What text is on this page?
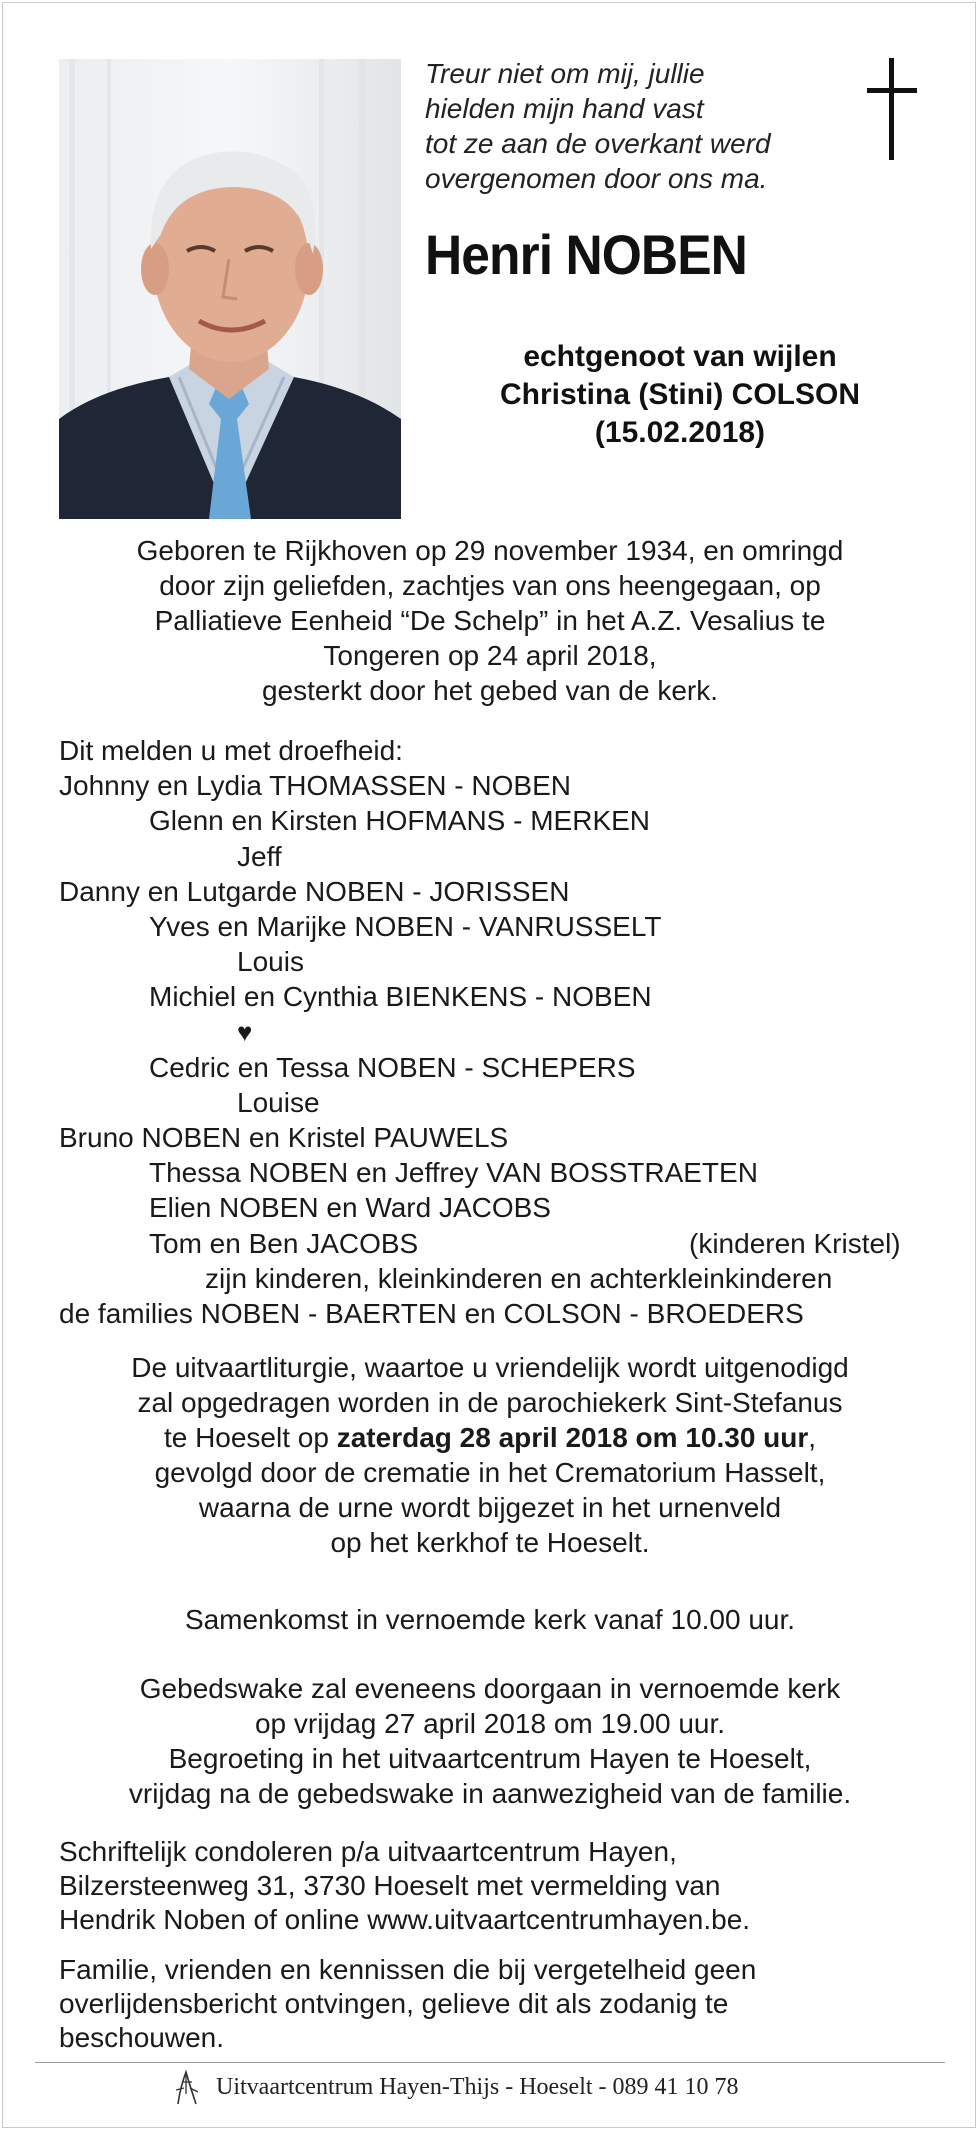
Treur niet om mij, jullie
hielden mijn hand vast
tot ze aan de overkant werd
overgenomen door ons ma.
Henri NOBEN
echtgenoot van wijlen
Christina (Stini) COLSON
(15.02.2018)
Geboren te Rijkhoven op 29 november 1934, en omringd
door zijn geliefden, zachtjes van ons heengegaan, op
Palliatieve Eenheid “De Schelp” in het A.Z. Vesalius te
Tongeren op 24 april 2018,
gesterkt door het gebed van de kerk.
Dit melden u met droefheid:
Johnny en Lydia THOMASSEN - NOBEN
Glenn en Kirsten HOFMANS - MERKEN
Jeff
Danny en Lutgarde NOBEN - JORISSEN
Yves en Marijke NOBEN - VANRUSSELT
Louis
Michiel en Cynthia BIENKENS - NOBEN
♥
Cedric en Tessa NOBEN - SCHEPERS
Louise
Bruno NOBEN en Kristel PAUWELS
Thessa NOBEN en Jeffrey VAN BOSSTRAETEN
Elien NOBEN en Ward JACOBS
Tom en Ben JACOBS	(kinderen Kristel)
zijn kinderen, kleinkinderen en achterkleinkinderen
de families NOBEN - BAERTEN en COLSON - BROEDERS
De uitvaartliturgie, waartoe u vriendelijk wordt uitgenodigd
zal opgedragen worden in de parochiekerk Sint-Stefanus
te Hoeselt op zaterdag 28 april 2018 om 10.30 uur,
gevolgd door de crematie in het Crematorium Hasselt,
waarna de urne wordt bijgezet in het urnenveld
op het kerkhof te Hoeselt.
Samenkomst in vernoemde kerk vanaf 10.00 uur.
Gebedswake zal eveneens doorgaan in vernoemde kerk
op vrijdag 27 april 2018 om 19.00 uur.
Begroeting in het uitvaartcentrum Hayen te Hoeselt,
vrijdag na de gebedswake in aanwezigheid van de familie.
Schriftelijk condoleren p/a uitvaartcentrum Hayen,
Bilzersteenweg 31, 3730 Hoeselt met vermelding van
Hendrik Noben of online www.uitvaartcentrumhayen.be.
Familie, vrienden en kennissen die bij vergetelheid geen
overlijdensbericht ontvingen, gelieve dit als zodanig te
beschouwen.
Uitvaartcentrum Hayen-Thijs - Hoeselt - 089 41 10 78
